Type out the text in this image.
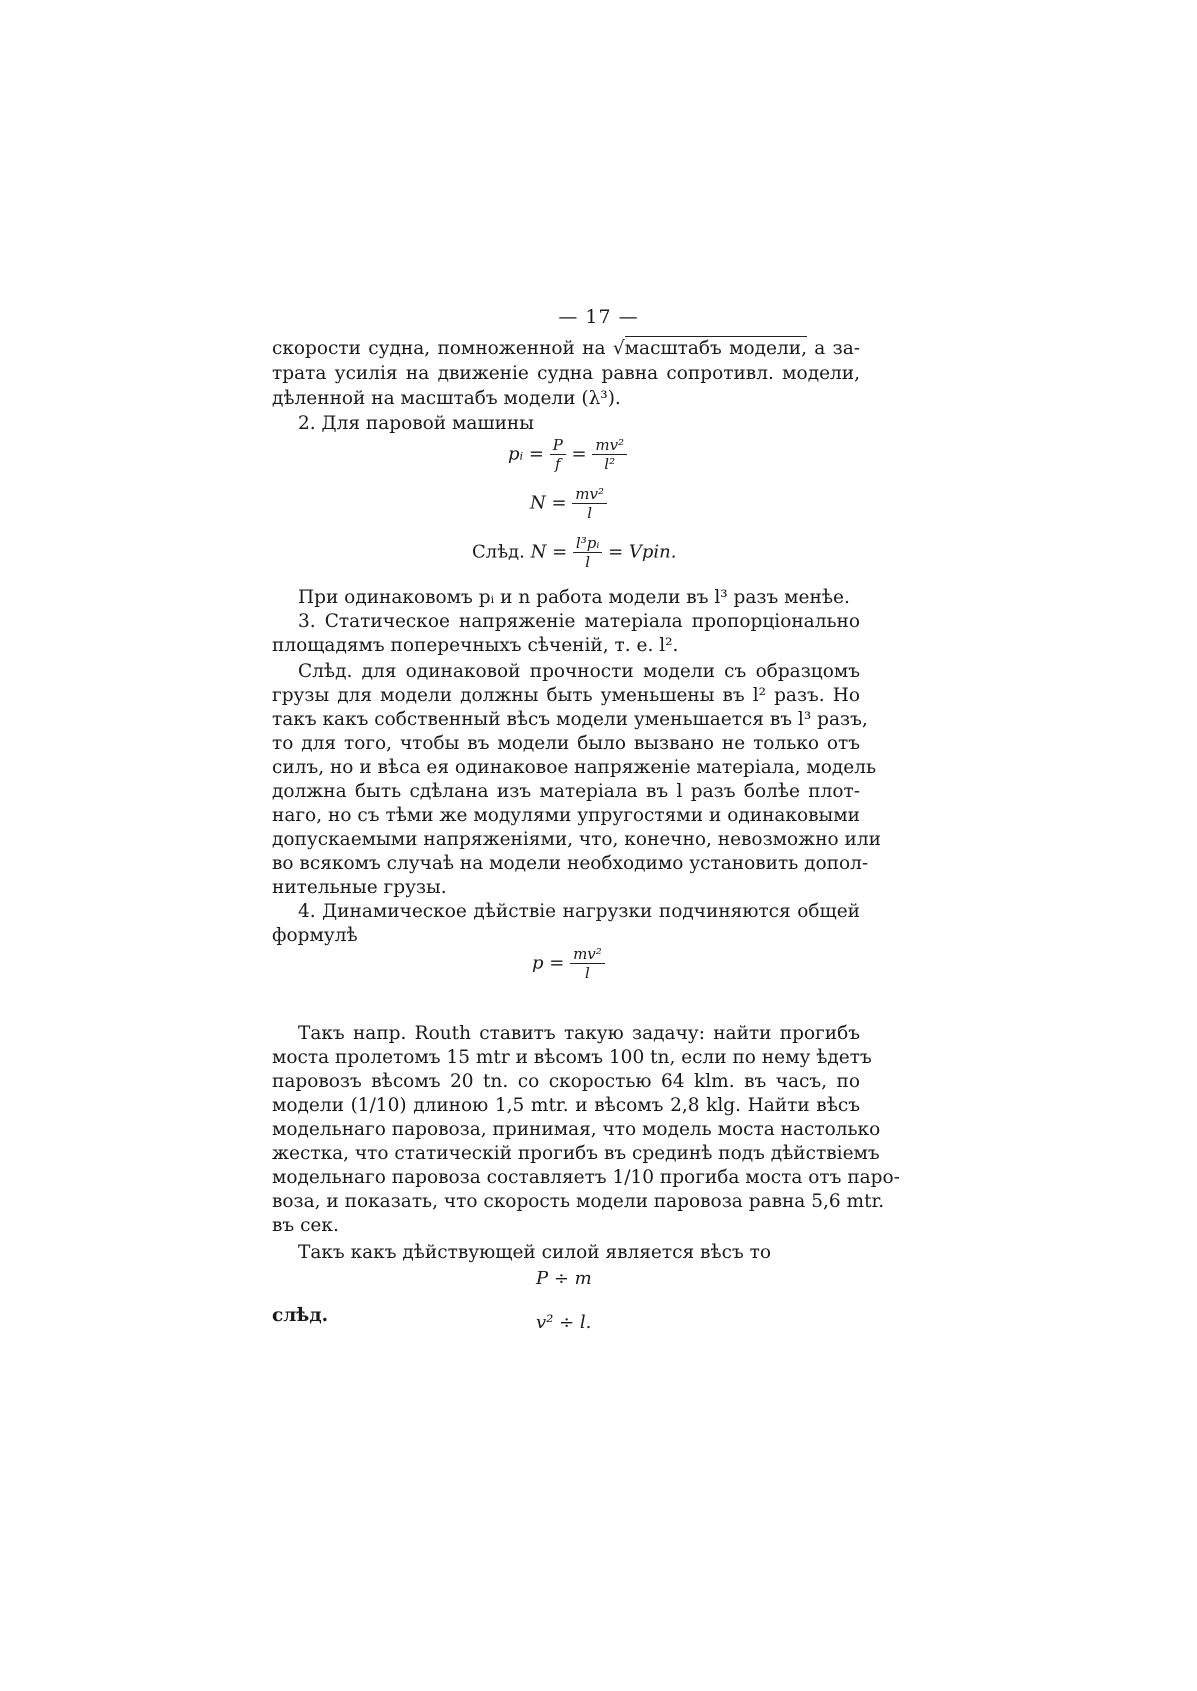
— 17 —
скорости судна, помноженной на √масштабъ модели, а за-
трата усилія на движеніе судна равна сопротивл. модели,
дѣленной на масштабъ модели (λ³).
2. Для паровой машины
pᵢ = $\frac{P}{f} = \frac{\text{mv²}}{\text{l²}}$
$N = \frac{\text{mv²}}{l}$
Слѣд. $N = \frac{\text{l³pᵢ}}{l}$ = Vpin.
При одинаковомъ pᵢ и n работа модели въ l³ разъ менѣе.
3. Статическое напряженіе матеріала пропорціонально
площадямъ поперечныхъ сѣченій, т. е. l².
Слѣд. для одинаковой прочности модели съ образцомъ
грузы для модели должны быть уменьшены въ l² разъ. Но
такъ какъ собственный вѣсъ модели уменьшается въ l³ разъ,
то для того, чтобы въ модели было вызвано не только отъ
силъ, но и вѣса ея одинаковое напряженіе матеріала, модель
должна быть сдѣлана изъ матеріала въ l разъ болѣе плот-
наго, но съ тѣми же модулями упругостями и одинаковыми
допускаемыми напряженіями, что, конечно, невозможно или
во всякомъ случаѣ на модели необходимо установить допол-
нительные грузы.
4. Динамическое дѣйствіе нагрузки подчиняются общей
формулѣ
$p = \frac{\text{mv²}}{l}$
Такъ напр. Routh ставитъ такую задачу: найти прогибъ
моста пролетомъ 15 mtr и вѣсомъ 100 tn, если по нему ѣдетъ
паровозъ вѣсомъ 20 tn. со скоростью 64 klm. въ часъ, по
модели (1/10) длиною 1,5 mtr. и вѣсомъ 2,8 klg. Найти вѣсъ
модельнаго паровоза, принимая, что модель моста настолько
жестка, что статическій прогибъ въ срединѣ подъ дѣйствіемъ
модельнаго паровоза составляетъ 1/10 прогиба моста отъ паро-
воза, и показать, что скорость модели паровоза равна 5,6 mtr.
въ сек.
Такъ какъ дѣйствующей силой является вѣсъ то
P ÷ m
слѣд.	v² ÷ l.
